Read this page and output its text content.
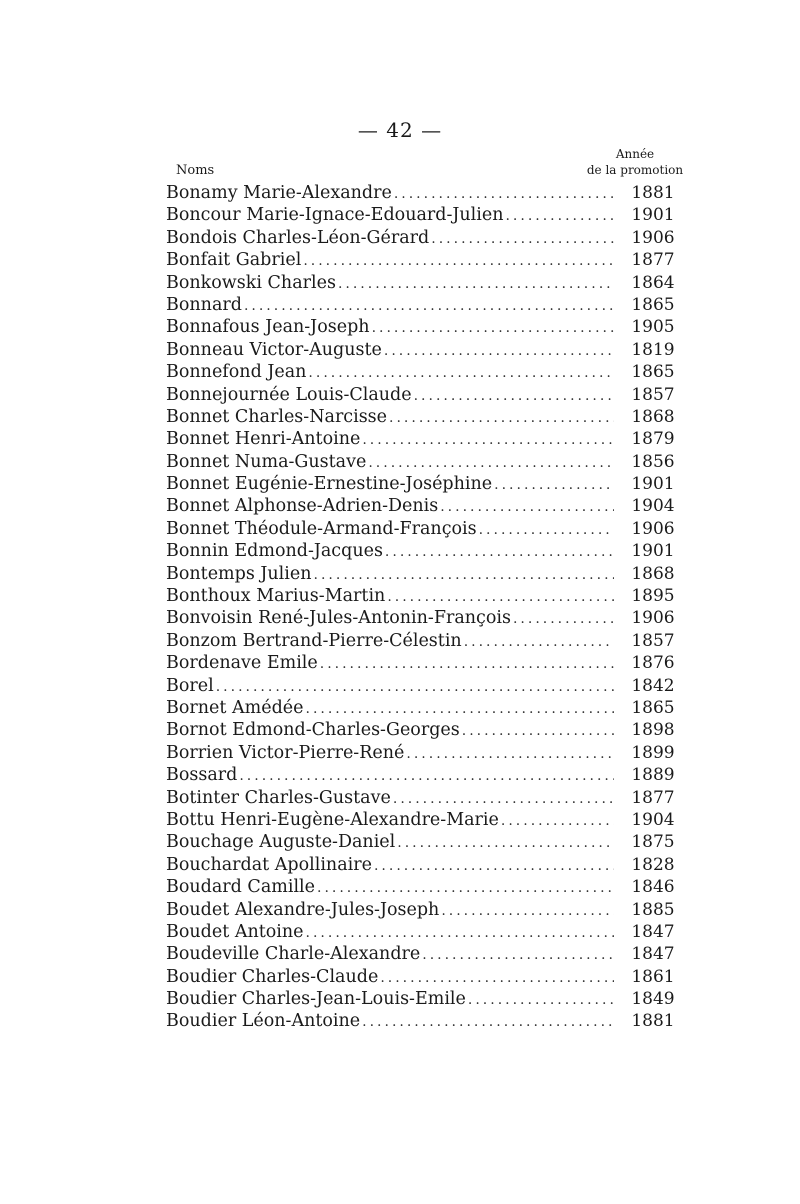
— 42 —
Noms
Année
de la promotion
Bonamy Marie-Alexandre .....	1881
Boncour Marie-Ignace-Edouard-Julien .....	1901
Bondois Charles-Léon-Gérard .....	1906
Bonfait Gabriel .....	1877
Bonkowski Charles .....	1864
Bonnard .....	1865
Bonnafous Jean-Joseph .....	1905
Bonneau Victor-Auguste .....	1819
Bonnefond Jean .....	1865
Bonnejournée Louis-Claude .....	1857
Bonnet Charles-Narcisse .....	1868
Bonnet Henri-Antoine .....	1879
Bonnet Numa-Gustave .....	1856
Bonnet Eugénie-Ernestine-Joséphine .....	1901
Bonnet Alphonse-Adrien-Denis .....	1904
Bonnet Théodule-Armand-François .....	1906
Bonnin Edmond-Jacques .....	1901
Bontemps Julien .....	1868
Bonthoux Marius-Martin .....	1895
Bonvoisin René-Jules-Antonin-François .....	1906
Bonzom Bertrand-Pierre-Célestin .....	1857
Bordenave Emile .....	1876
Borel .....	1842
Bornet Amédée .....	1865
Bornot Edmond-Charles-Georges .....	1898
Borrien Victor-Pierre-René .....	1899
Bossard .....	1889
Botinter Charles-Gustave .....	1877
Bottu Henri-Eugène-Alexandre-Marie .....	1904
Bouchage Auguste-Daniel .....	1875
Bouchardat Apollinaire .....	1828
Boudard Camille .....	1846
Boudet Alexandre-Jules-Joseph .....	1885
Boudet Antoine .....	1847
Boudeville Charle-Alexandre .....	1847
Boudier Charles-Claude .....	1861
Boudier Charles-Jean-Louis-Emile .....	1849
Boudier Léon-Antoine .....	1881
